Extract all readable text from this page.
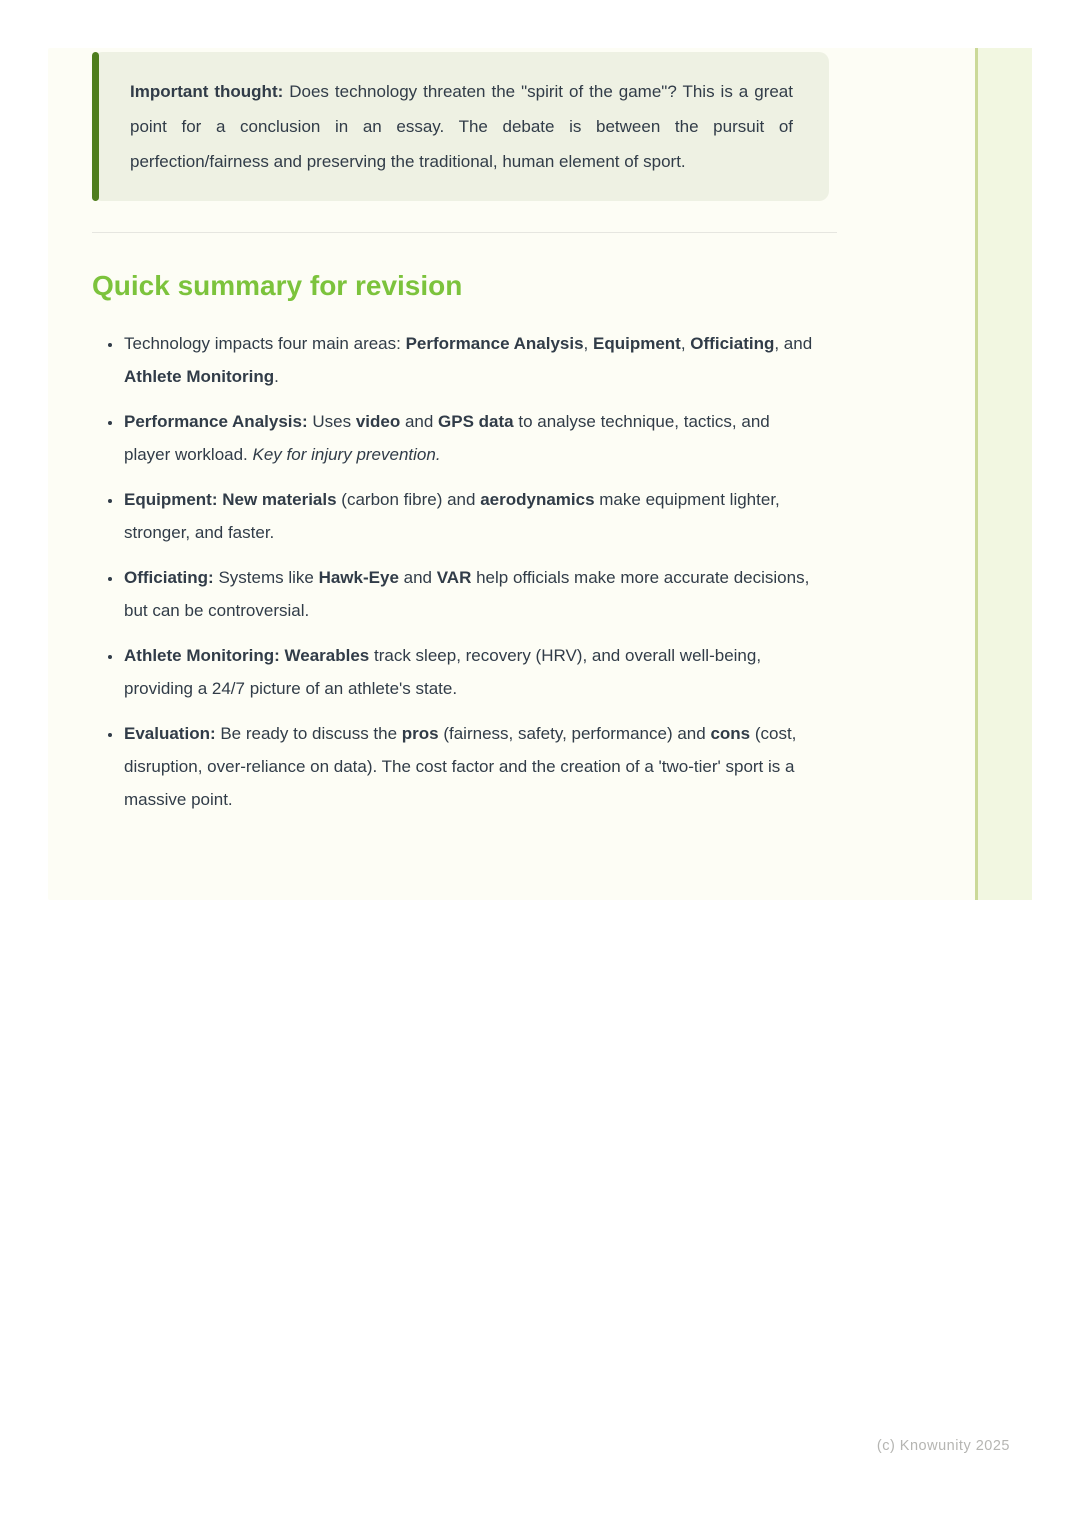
Important thought: Does technology threaten the "spirit of the game"? This is a great point for a conclusion in an essay. The debate is between the pursuit of perfection/fairness and preserving the traditional, human element of sport.

Quick summary for revision
• Technology impacts four main areas: Performance Analysis, Equipment, Officiating, and Athlete Monitoring.
• Performance Analysis: Uses video and GPS data to analyse technique, tactics, and player workload. Key for injury prevention.
• Equipment: New materials (carbon fibre) and aerodynamics make equipment lighter, stronger, and faster.
• Officiating: Systems like Hawk-Eye and VAR help officials make more accurate decisions, but can be controversial.
• Athlete Monitoring: Wearables track sleep, recovery (HRV), and overall well-being, providing a 24/7 picture of an athlete's state.
• Evaluation: Be ready to discuss the pros (fairness, safety, performance) and cons (cost, disruption, over-reliance on data). The cost factor and the creation of a 'two-tier' sport is a massive point.
(c) Knowunity 2025
